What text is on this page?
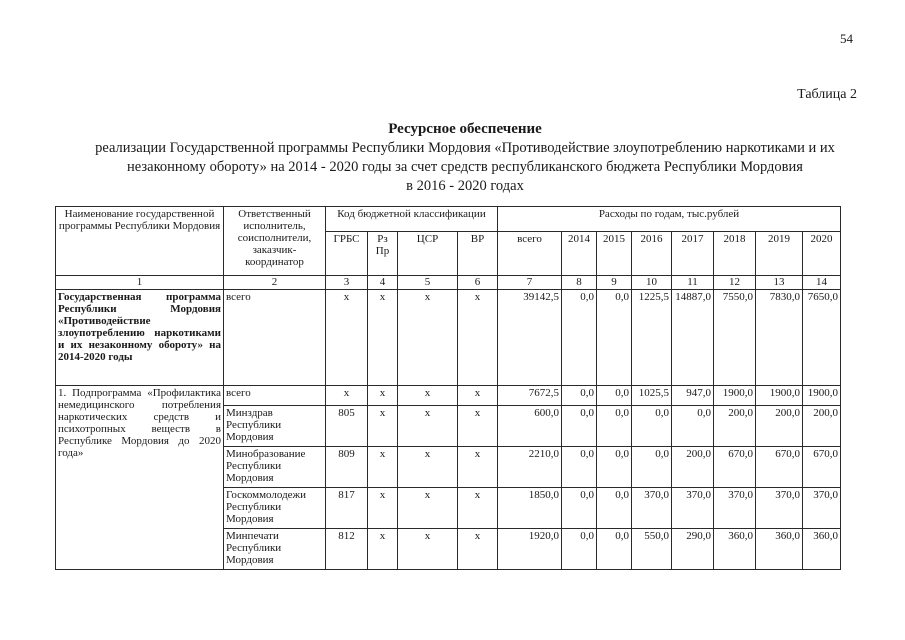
54
Таблица 2
Ресурсное обеспечение
реализации Государственной программы Республики Мордовия «Противодействие злоупотреблению наркотиками и их
незаконному обороту» на 2014 - 2020 годы за счет средств республиканского бюджета Республики Мордовия
в 2016 - 2020 годах
Наименование государственной программы Республики Мордовия	Ответственный исполнитель, соисполнители, заказчик-координатор	Код бюджетной классификации				Расходы по годам, тыс.рублей							
		ГРБС	Рз Пр	ЦСР	ВР	всего	2014	2015	2016	2017	2018	2019	2020
1	2	3	4	5	6	7	8	9	10	11	12	13	14
Государственная программа Республики Мордовия «Противодействие злоупотреблению наркотиками и их незаконному обороту» на 2014-2020 годы	всего	х	х	х	х	39142,5	0,0	0,0	1225,5	14887,0	7550,0	7830,0	7650,0
1. Подпрограмма «Профилактика немедицинского потребления наркотических средств и психотропных веществ в Республике Мордовия до 2020 года»	всего	х	х	х	х	7672,5	0,0	0,0	1025,5	947,0	1900,0	1900,0	1900,0
	Минздрав Республики Мордовия	805	х	х	х	600,0	0,0	0,0	0,0	0,0	200,0	200,0	200,0
	Минобразование Республики Мордовия	809	х	х	х	2210,0	0,0	0,0	0,0	200,0	670,0	670,0	670,0
	Госкоммолодежи Республики Мордовия	817	х	х	х	1850,0	0,0	0,0	370,0	370,0	370,0	370,0	370,0
	Минпечати Республики Мордовия	812	х	х	х	1920,0	0,0	0,0	550,0	290,0	360,0	360,0	360,0
